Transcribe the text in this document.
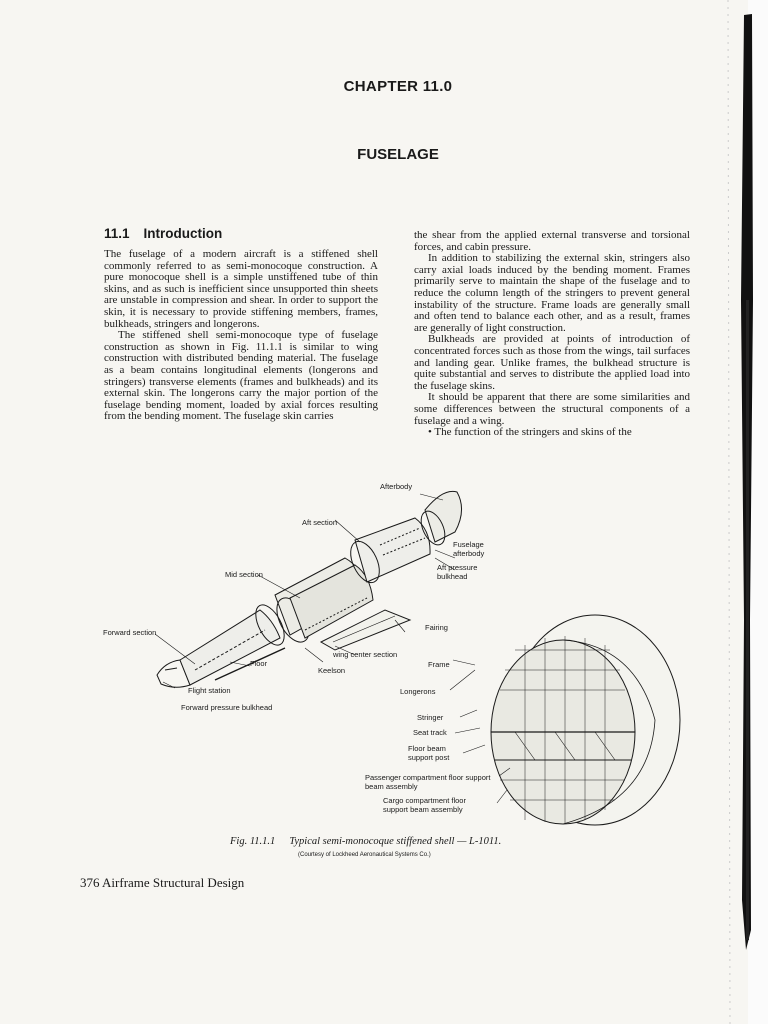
CHAPTER 11.0
FUSELAGE
11.1 Introduction

The fuselage of a modern aircraft is a stiffened shell commonly referred to as semi-monocoque construction. A pure monocoque shell is a simple unstiffened tube of thin skins, and as such is inefficient since unsupported thin sheets are unstable in compression and shear. In order to support the skin, it is necessary to provide stiffening members, frames, bulkheads, stringers and longerons.

The stiffened shell semi-monocoque type of fuselage construction as shown in Fig. 11.1.1 is similar to wing construction with distributed bending material. The fuselage as a beam contains longitudinal elements (longerons and stringers) transverse elements (frames and bulkheads) and its external skin. The longerons carry the major portion of the fuselage bending moment, loaded by axial forces resulting from the bending moment. The fuselage skin carries

the shear from the applied external transverse and torsional forces, and cabin pressure.

In addition to stabilizing the external skin, stringers also carry axial loads induced by the bending moment. Frames primarily serve to maintain the shape of the fuselage and to reduce the column length of the stringers to prevent general instability of the structure. Frame loads are generally small and often tend to balance each other, and as a result, frames are generally of light construction.

Bulkheads are provided at points of introduction of concentrated forces such as those from the wings, tail surfaces and landing gear. Unlike frames, the bulkhead structure is quite substantial and serves to distribute the applied load into the fuselage skins.

It should be apparent that there are some similarities and some differences between the structural components of a fuselage and a wing.

• The function of the stringers and skins of the

Afterbody
Aft section
Fuselage afterbody
Aft pressure bulkhead
Mid section
Fairing
Forward section
wing center section
Floor
Keelson
Frame
Flight station
Forward pressure bulkhead
Longerons
Stringer
Seat track
Floor beam support post
Passenger compartment floor support beam assembly
Cargo compartment floor support beam assembly
Fig. 11.1.1 Typical semi-monocoque stiffened shell — L-1011.
(Courtesy of Lockheed Aeronautical Systems Co.)
376 Airframe Structural Design
